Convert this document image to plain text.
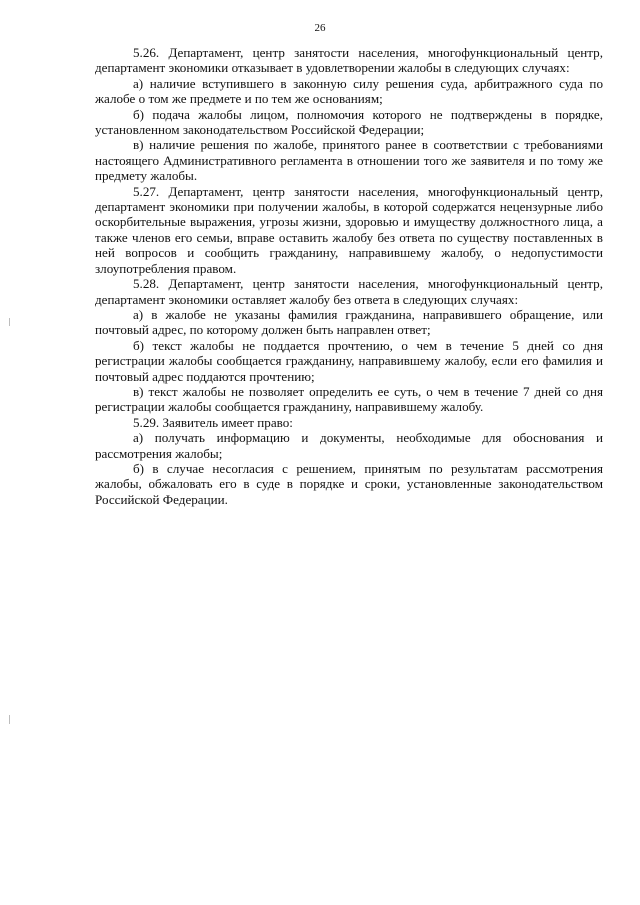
26

5.26. Департамент, центр занятости населения, многофункциональный центр, департамент экономики отказывает в удовлетворении жалобы в следующих случаях:

а) наличие вступившего в законную силу решения суда, арбитражного суда по жалобе о том же предмете и по тем же основаниям;

б) подача жалобы лицом, полномочия которого не подтверждены в порядке, установленном законодательством Российской Федерации;

в) наличие решения по жалобе, принятого ранее в соответствии с требованиями настоящего Административного регламента в отношении того же заявителя и по тому же предмету жалобы.

5.27. Департамент, центр занятости населения, многофункциональный центр, департамент экономики при получении жалобы, в которой содержатся нецензурные либо оскорбительные выражения, угрозы жизни, здоровью и имуществу должностного лица, а также членов его семьи, вправе оставить жалобу без ответа по существу поставленных в ней вопросов и сообщить гражданину, направившему жалобу, о недопустимости злоупотребления правом.

5.28. Департамент, центр занятости населения, многофункциональный центр, департамент экономики оставляет жалобу без ответа в следующих случаях:

а) в жалобе не указаны фамилия гражданина, направившего обращение, или почтовый адрес, по которому должен быть направлен ответ;

б) текст жалобы не поддается прочтению, о чем в течение 5 дней со дня регистрации жалобы сообщается гражданину, направившему жалобу, если его фамилия и почтовый адрес поддаются прочтению;

в) текст жалобы не позволяет определить ее суть, о чем в течение 7 дней со дня регистрации жалобы сообщается гражданину, направившему жалобу.

5.29. Заявитель имеет право:

а) получать информацию и документы, необходимые для обоснования и рассмотрения жалобы;

б) в случае несогласия с решением, принятым по результатам рассмотрения жалобы, обжаловать его в суде в порядке и сроки, установленные законодательством Российской Федерации.
